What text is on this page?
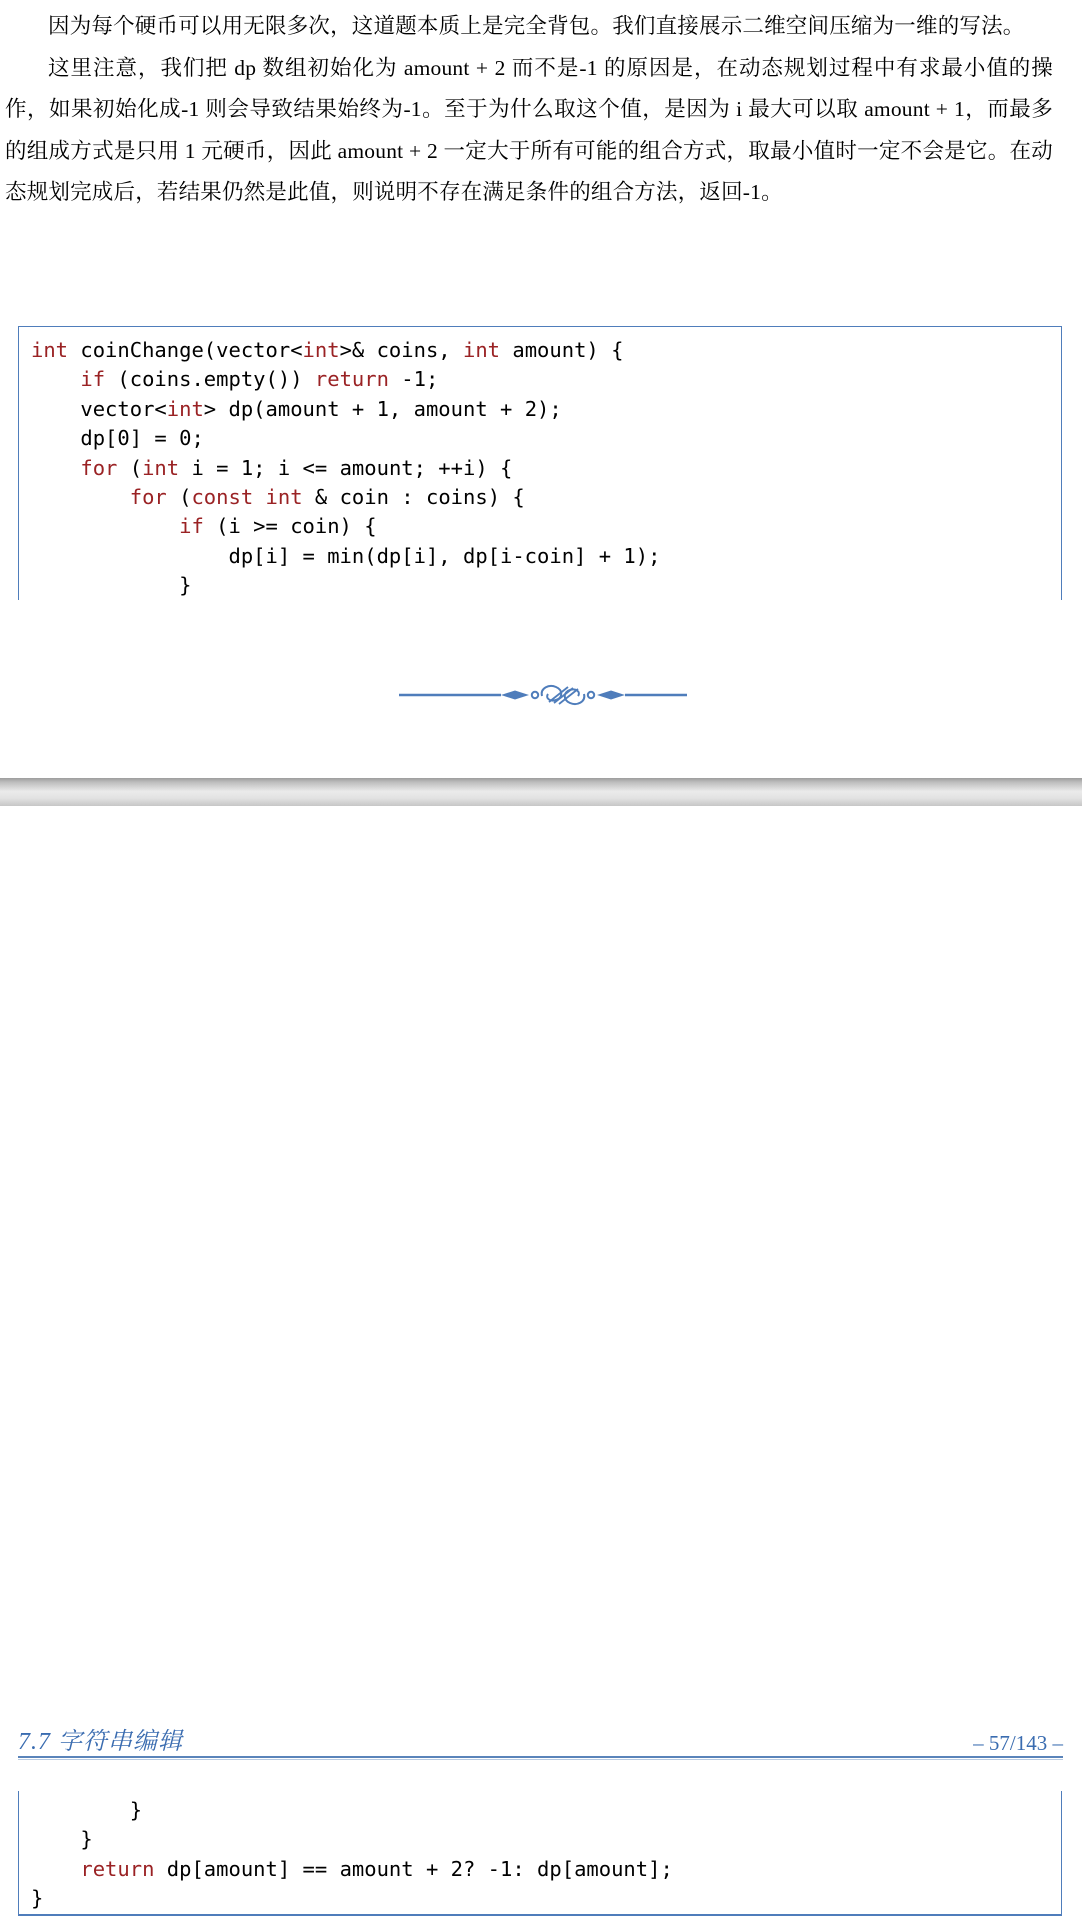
因为每个硬币可以用无限多次，这道题本质上是完全背包。我们直接展示二维空间压缩为一维的写法。

这里注意，我们把 dp 数组初始化为 amount + 2 而不是-1 的原因是，在动态规划过程中有求最小值的操作，如果初始化成-1 则会导致结果始终为-1。至于为什么取这个值，是因为 i 最大可以取 amount + 1，而最多的组成方式是只用 1 元硬币，因此 amount + 2 一定大于所有可能的组合方式，取最小值时一定不会是它。在动态规划完成后，若结果仍然是此值，则说明不存在满足条件的组合方法，返回-1。

int coinChange(vector<int>& coins, int amount) {
if (coins.empty()) return -1;
vector<int> dp(amount + 1, amount + 2);
dp[0] = 0;
for (int i = 1; i <= amount; ++i) {
for (const int & coin : coins) {
if (i >= coin) {
dp[i] = min(dp[i], dp[i-coin] + 1);
}
7.7 字符串编辑	– 57/143 –
}
}
return dp[amount] == amount + 2? -1: dp[amount];
}
